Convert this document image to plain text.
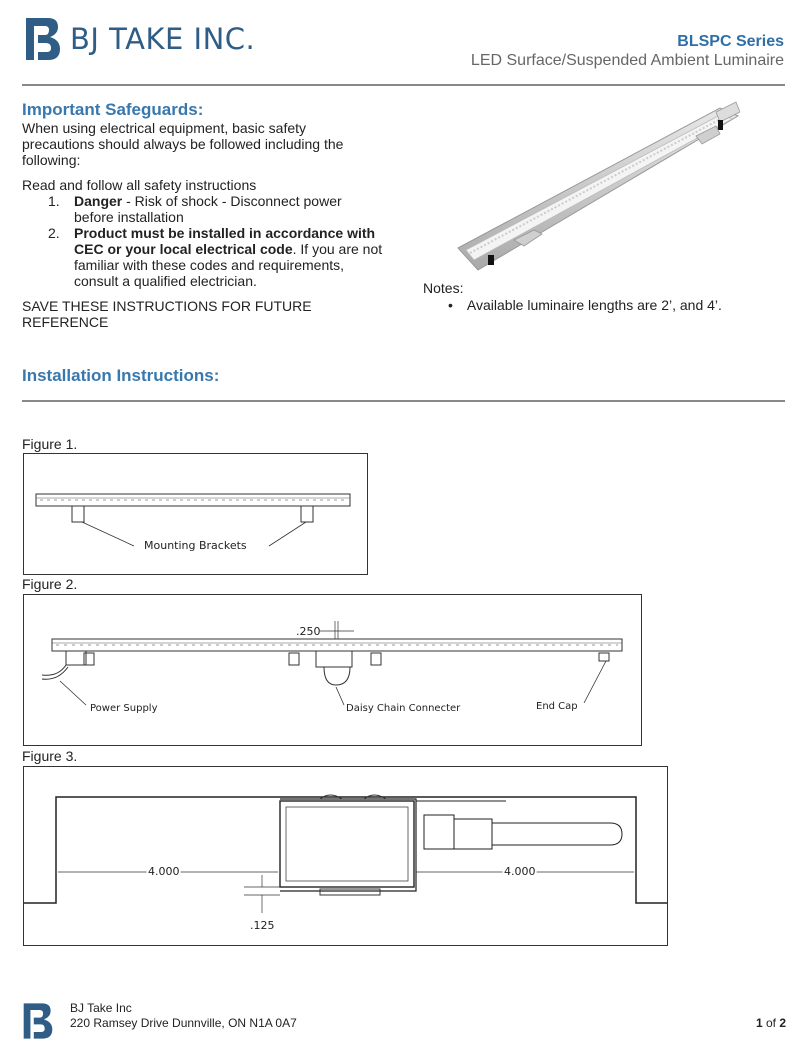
BJ TAKE INC.	BLSPC Series
LED Surface/Suspended Ambient Luminaire
Important Safeguards:
When using electrical equipment, basic safety precautions should always be followed including the following:
Read and follow all safety instructions
1. Danger - Risk of shock - Disconnect power before installation
2. Product must be installed in accordance with CEC or your local electrical code. If you are not familiar with these codes and requirements, consult a qualified electrician.
SAVE THESE INSTRUCTIONS FOR FUTURE REFERENCE
Notes:
• Available luminaire lengths are 2’, and 4’.
Installation Instructions:
Figure 1.
Mounting Brackets
Figure 2.
.250
Power Supply	Daisy Chain Connecter	End Cap
Figure 3.
4.000	4.000
.125
BJ Take Inc
220 Ramsey Drive Dunnville, ON N1A 0A7	1 of 2
